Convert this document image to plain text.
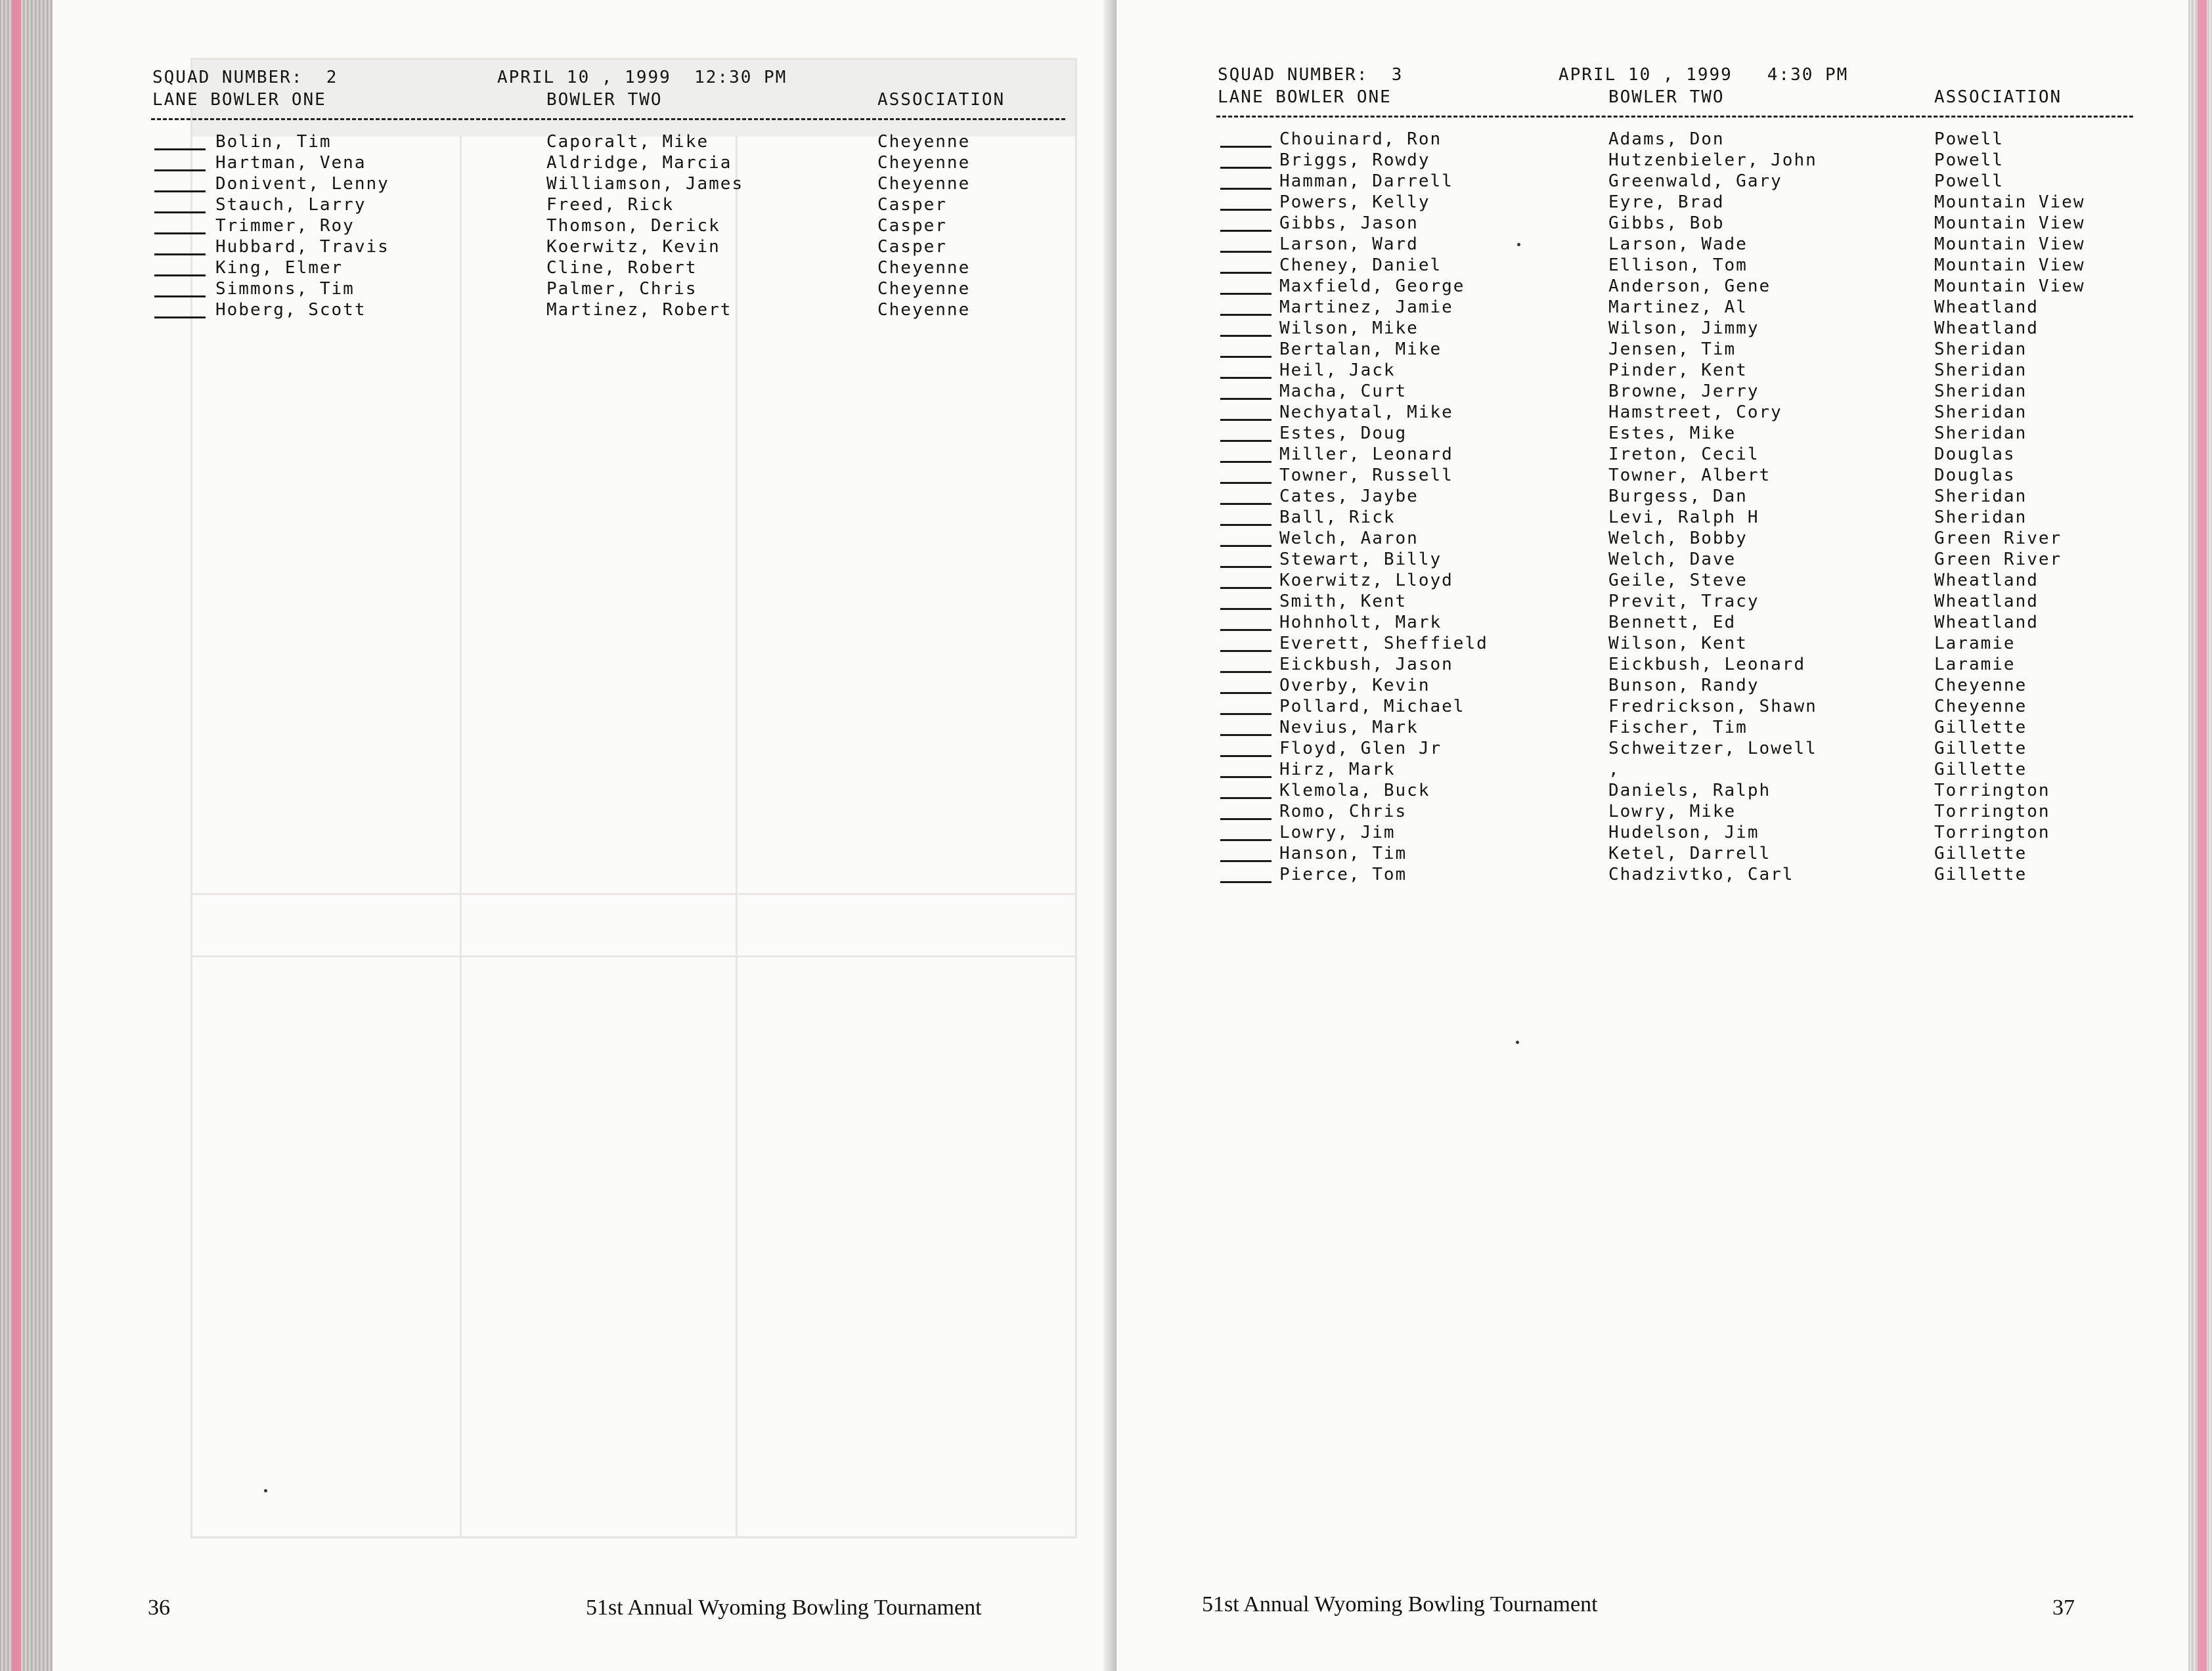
SQUAD NUMBER:  2	APRIL 10 , 1999  12:30 PM
LANE BOWLER ONE	BOWLER TWO	ASSOCIATION
Bolin, Tim	Caporalt, Mike	Cheyenne
Hartman, Vena	Aldridge, Marcia	Cheyenne
Donivent, Lenny	Williamson, James	Cheyenne
Stauch, Larry	Freed, Rick	Casper
Trimmer, Roy	Thomson, Derick	Casper
Hubbard, Travis	Koerwitz, Kevin	Casper
King, Elmer	Cline, Robert	Cheyenne
Simmons, Tim	Palmer, Chris	Cheyenne
Hoberg, Scott	Martinez, Robert	Cheyenne
36	51st Annual Wyoming Bowling Tournament
SQUAD NUMBER:  3	APRIL 10 , 1999   4:30 PM
LANE BOWLER ONE	BOWLER TWO	ASSOCIATION
Chouinard, Ron	Adams, Don	Powell
Briggs, Rowdy	Hutzenbieler, John	Powell
Hamman, Darrell	Greenwald, Gary	Powell
Powers, Kelly	Eyre, Brad	Mountain View
Gibbs, Jason	Gibbs, Bob	Mountain View
Larson, Ward	Larson, Wade	Mountain View
Cheney, Daniel	Ellison, Tom	Mountain View
Maxfield, George	Anderson, Gene	Mountain View
Martinez, Jamie	Martinez, Al	Wheatland
Wilson, Mike	Wilson, Jimmy	Wheatland
Bertalan, Mike	Jensen, Tim	Sheridan
Heil, Jack	Pinder, Kent	Sheridan
Macha, Curt	Browne, Jerry	Sheridan
Nechyatal, Mike	Hamstreet, Cory	Sheridan
Estes, Doug	Estes, Mike	Sheridan
Miller, Leonard	Ireton, Cecil	Douglas
Towner, Russell	Towner, Albert	Douglas
Cates, Jaybe	Burgess, Dan	Sheridan
Ball, Rick	Levi, Ralph H	Sheridan
Welch, Aaron	Welch, Bobby	Green River
Stewart, Billy	Welch, Dave	Green River
Koerwitz, Lloyd	Geile, Steve	Wheatland
Smith, Kent	Previt, Tracy	Wheatland
Hohnholt, Mark	Bennett, Ed	Wheatland
Everett, Sheffield	Wilson, Kent	Laramie
Eickbush, Jason	Eickbush, Leonard	Laramie
Overby, Kevin	Bunson, Randy	Cheyenne
Pollard, Michael	Fredrickson, Shawn	Cheyenne
Nevius, Mark	Fischer, Tim	Gillette
Floyd, Glen Jr	Schweitzer, Lowell	Gillette
Hirz, Mark	,	Gillette
Klemola, Buck	Daniels, Ralph	Torrington
Romo, Chris	Lowry, Mike	Torrington
Lowry, Jim	Hudelson, Jim	Torrington
Hanson, Tim	Ketel, Darrell	Gillette
Pierce, Tom	Chadzivtko, Carl	Gillette
51st Annual Wyoming Bowling Tournament	37
